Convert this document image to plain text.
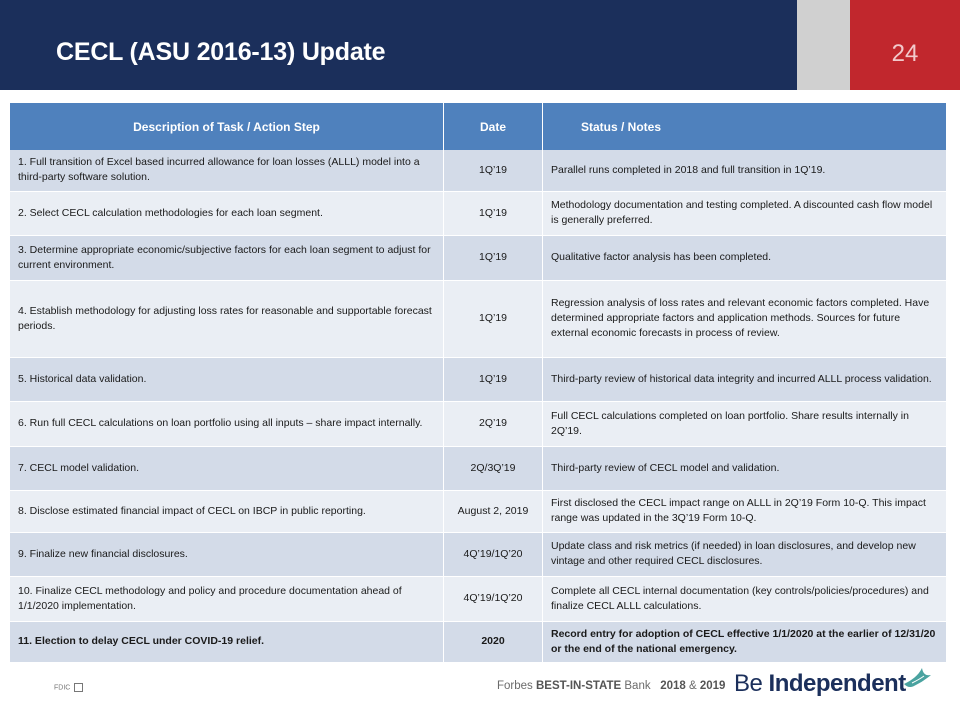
CECL (ASU 2016-13) Update	24
Description of Task / Action Step	Date	Status / Notes
1. Full transition of Excel based incurred allowance for loan losses (ALLL) model into a third-party software solution.	1Q’19	Parallel runs completed in 2018 and full transition in 1Q’19.
2. Select CECL calculation methodologies for each loan segment.	1Q’19	Methodology documentation and testing completed. A discounted cash flow model is generally preferred.
3. Determine appropriate economic/subjective factors for each loan segment to adjust for current environment.	1Q’19	Qualitative factor analysis has been completed.
4. Establish methodology for adjusting loss rates for reasonable and supportable forecast periods.	1Q’19	Regression analysis of loss rates and relevant economic factors completed. Have determined appropriate factors and application methods. Sources for future external economic forecasts in process of review.
5. Historical data validation.	1Q’19	Third-party review of historical data integrity and incurred ALLL process validation.
6. Run full CECL calculations on loan portfolio using all inputs – share impact internally.	2Q’19	Full CECL calculations completed on loan portfolio. Share results internally in 2Q’19.
7. CECL model validation.	2Q/3Q’19	Third-party review of CECL model and validation.
8. Disclose estimated financial impact of CECL on IBCP in public reporting.	August 2, 2019	First disclosed the CECL impact range on ALLL in 2Q’19 Form 10-Q. This impact range was updated in the 3Q’19 Form 10-Q.
9. Finalize new financial disclosures.	4Q’19/1Q’20	Update class and risk metrics (if needed) in loan disclosures, and develop new vintage and other required CECL disclosures.
10. Finalize CECL methodology and policy and procedure documentation ahead of 1/1/2020 implementation.	4Q’19/1Q’20	Complete all CECL internal documentation (key controls/policies/procedures) and finalize CECL ALLL calculations.
11. Election to delay CECL under COVID-19 relief.	2020	Record entry for adoption of CECL effective 1/1/2020 at the earlier of 12/31/20 or the end of the national emergency.
FDIC	Forbes BEST-IN-STATE Bank 2018 & 2019 Be Independent
